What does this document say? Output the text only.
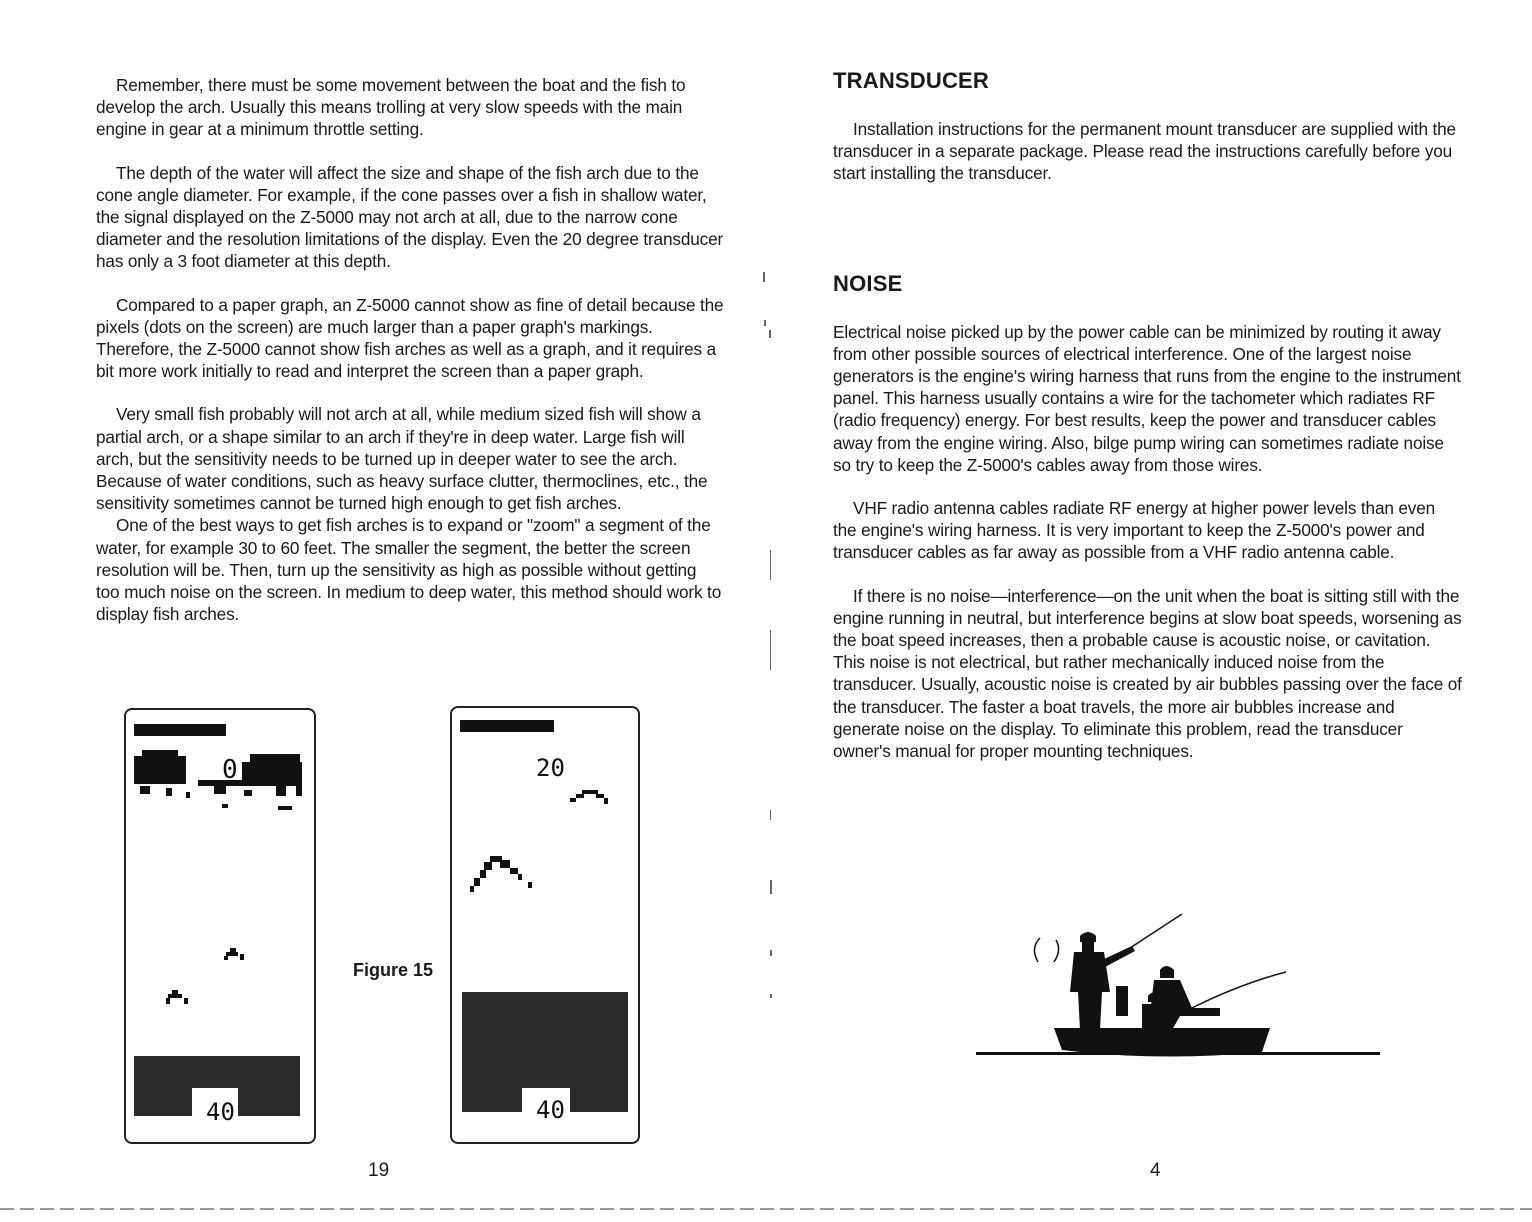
Remember, there must be some movement between the boat and the fish to develop the arch. Usually this means trolling at very slow speeds with the main engine in gear at a minimum throttle setting.

The depth of the water will affect the size and shape of the fish arch due to the cone angle diameter. For example, if the cone passes over a fish in shallow water, the signal displayed on the Z-5000 may not arch at all, due to the narrow cone diameter and the resolution limitations of the display. Even the 20 degree transducer has only a 3 foot diameter at this depth.

Compared to a paper graph, an Z-5000 cannot show as fine of detail because the pixels (dots on the screen) are much larger than a paper graph's markings. Therefore, the Z-5000 cannot show fish arches as well as a graph, and it requires a bit more work initially to read and interpret the screen than a paper graph.

Very small fish probably will not arch at all, while medium sized fish will show a partial arch, or a shape similar to an arch if they're in deep water. Large fish will arch, but the sensitivity needs to be turned up in deeper water to see the arch. Because of water conditions, such as heavy surface clutter, thermoclines, etc., the sensitivity sometimes cannot be turned high enough to get fish arches.

One of the best ways to get fish arches is to expand or "zoom" a segment of the water, for example 30 to 60 feet. The smaller the segment, the better the screen resolution will be. Then, turn up the sensitivity as high as possible without getting too much noise on the screen. In medium to deep water, this method should work to display fish arches.

0
40
Figure 15
20
40
19
TRANSDUCER

Installation instructions for the permanent mount transducer are supplied with the transducer in a separate package. Please read the instructions carefully before you start installing the transducer.

NOISE

Electrical noise picked up by the power cable can be minimized by routing it away from other possible sources of electrical interference. One of the largest noise generators is the engine's wiring harness that runs from the engine to the instrument panel. This harness usually contains a wire for the tachometer which radiates RF (radio frequency) energy. For best results, keep the power and transducer cables away from the engine wiring. Also, bilge pump wiring can sometimes radiate noise so try to keep the Z-5000's cables away from those wires.

VHF radio antenna cables radiate RF energy at higher power levels than even the engine's wiring harness. It is very important to keep the Z-5000's power and transducer cables as far away as possible from a VHF radio antenna cable.

If there is no noise—interference—on the unit when the boat is sitting still with the engine running in neutral, but interference begins at slow boat speeds, worsening as the boat speed increases, then a probable cause is acoustic noise, or cavitation. This noise is not electrical, but rather mechanically induced noise from the transducer. Usually, acoustic noise is created by air bubbles passing over the face of the transducer. The faster a boat travels, the more air bubbles increase and generate noise on the display. To eliminate this problem, read the transducer owner's manual for proper mounting techniques.

4
